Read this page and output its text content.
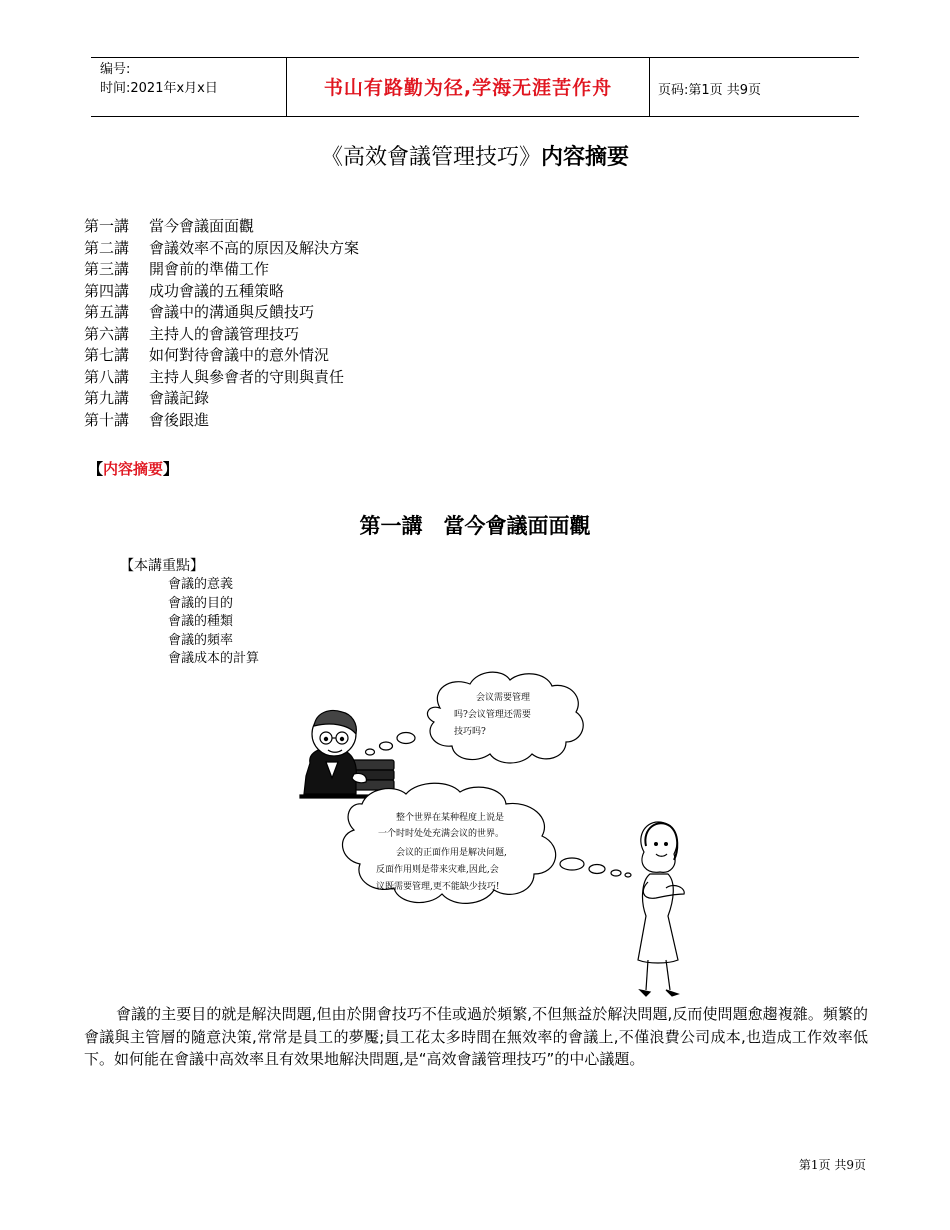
编号:
时间:2021年x月x日	书山有路勤为径,学海无涯苦作舟	页码:第1页 共9页
《高效會議管理技巧》内容摘要
第一講 當今會議面面觀
第二講 會議效率不高的原因及解決方案
第三講 開會前的準備工作
第四講 成功會議的五種策略
第五講 會議中的溝通與反饋技巧
第六講 主持人的會議管理技巧
第七講 如何對待會議中的意外情況
第八講 主持人與參會者的守則與責任
第九講 會議記錄
第十講 會後跟進
【内容摘要】
第一講　當今會議面面觀
【本講重點】
會議的意義
會議的目的
會議的種類
會議的頻率
會議成本的計算
会议需要管理
吗?会议管理还需要
技巧吗?
整个世界在某种程度上说是
一个时时处处充满会议的世界。
会议的正面作用是解决问题,
反面作用则是带来灾难,因此,会
议既需要管理,更不能缺少技巧!
會議的主要目的就是解決問題,但由於開會技巧不佳或過於頻繁,不但無益於解決問題,反而使問題愈趨複雜。頻繁的會議與主管層的隨意決策,常常是員工的夢魘;員工花太多時間在無效率的會議上,不僅浪費公司成本,也造成工作效率低下。如何能在會議中高效率且有效果地解決問題,是“高效會議管理技巧”的中心議題。
第1页 共9页
